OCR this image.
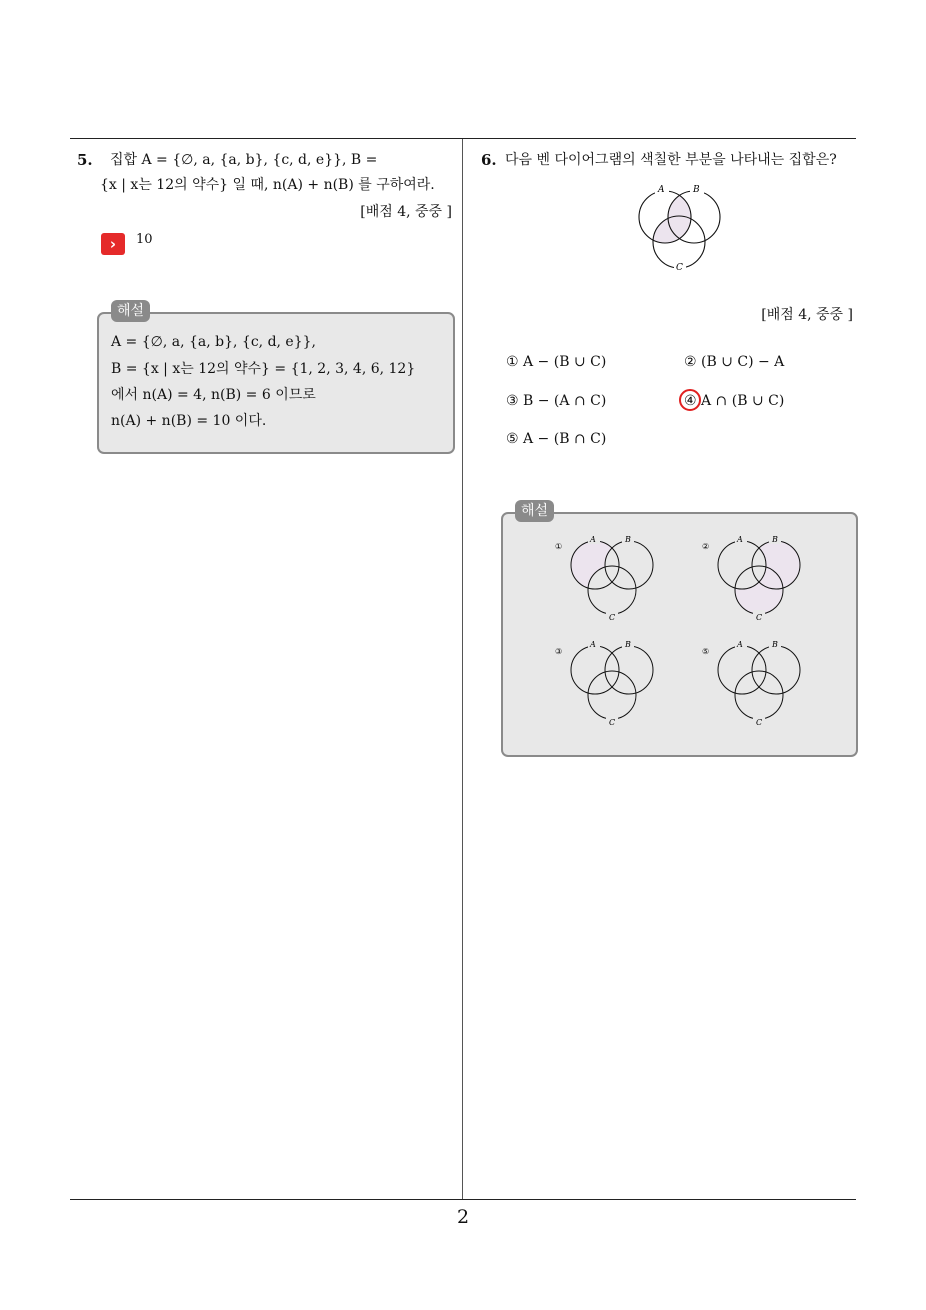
5. 집합 A = {∅, a, {a, b}, {c, d, e}}, B =
{x | x는 12의 약수} 일 때, n(A) + n(B) 를 구하여라.
[배점 4, 중중 ]
›	10
해설
A = {∅, a, {a, b}, {c, d, e}},
B = {x | x는 12의 약수} = {1, 2, 3, 4, 6, 12}
에서 n(A) = 4, n(B) = 6 이므로
n(A) + n(B) = 10 이다.
6. 다음 벤 다이어그램의 색칠한 부분을 나타내는 집합은?
A	B
C
[배점 4, 중중 ]
① A − (B ∪ C)	② (B ∪ C) − A
③ B − (A ∩ C)	④ A ∩ (B ∪ C)
⑤ A − (B ∩ C)
해설
①
A	B
C
②
A	B
C
③
A	B
C
⑤
A	B
C
2
